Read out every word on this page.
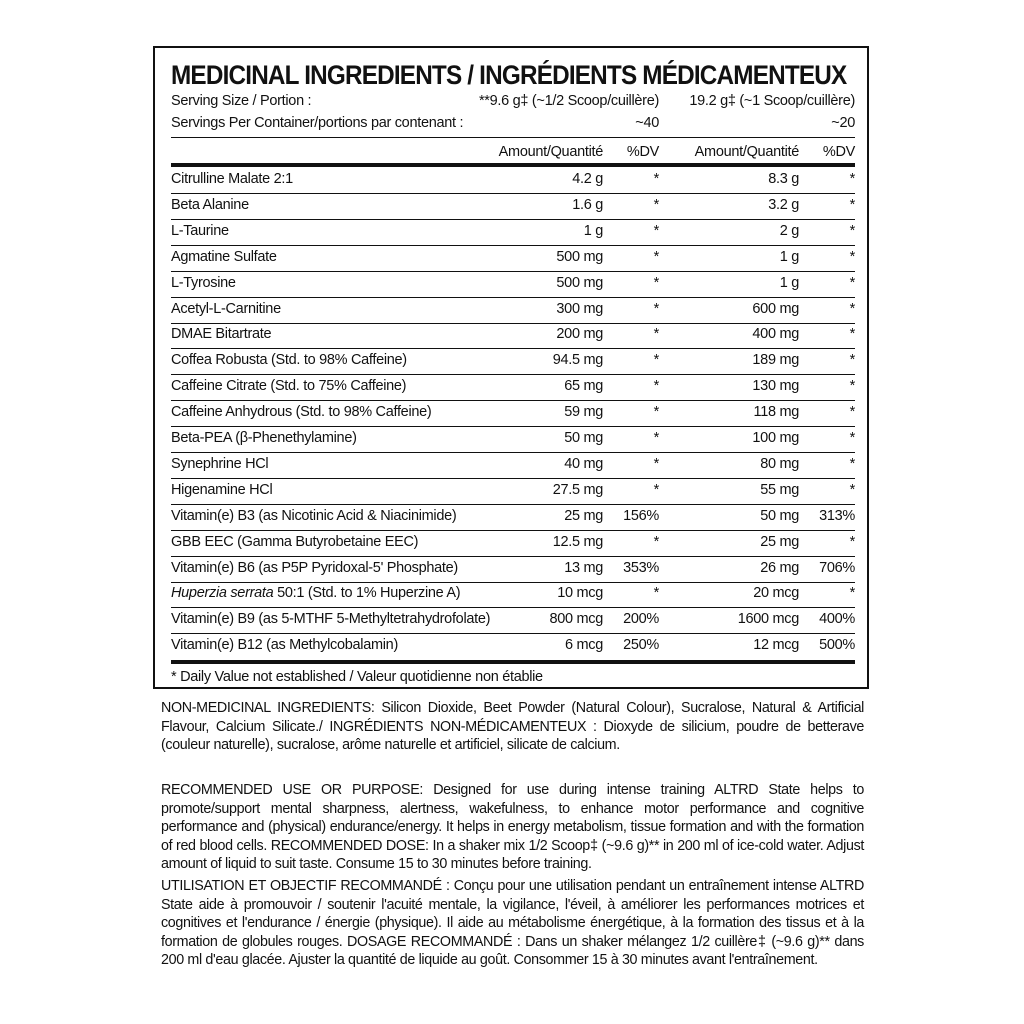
MEDICINAL INGREDIENTS / INGRÉDIENTS MÉDICAMENTEUX
Serving Size / Portion :	**9.6 g‡ (~1/2 Scoop/cuillère) 19.2 g‡ (~1 Scoop/cuillère)
Servings Per Container/portions par contenant :	~40	~20
Amount/Quantité %DV Amount/Quantité %DV
Citrulline Malate 2:1	4.2 g	*	8.3 g	*
Beta Alanine	1.6 g	*	3.2 g	*
L-Taurine	1 g	*	2 g	*
Agmatine Sulfate	500 mg	*	1 g	*
L-Tyrosine	500 mg	*	1 g	*
Acetyl-L-Carnitine	300 mg	*	600 mg	*
DMAE Bitartrate	200 mg	*	400 mg	*
Coffea Robusta (Std. to 98% Caffeine)	94.5 mg	*	189 mg	*
Caffeine Citrate (Std. to 75% Caffeine)	65 mg	*	130 mg	*
Caffeine Anhydrous (Std. to 98% Caffeine)	59 mg	*	118 mg	*
Beta-PEA (β-Phenethylamine)	50 mg	*	100 mg	*
Synephrine HCl	40 mg	*	80 mg	*
Higenamine HCl	27.5 mg	*	55 mg	*
Vitamin(e) B3 (as Nicotinic Acid & Niacinimide)	25 mg 156%	50 mg 313%
GBB EEC (Gamma Butyrobetaine EEC)	12.5 mg	*	25 mg	*
Vitamin(e) B6 (as P5P Pyridoxal-5' Phosphate)	13 mg 353%	26 mg 706%
Huperzia serrata 50:1 (Std. to 1% Huperzine A)	10 mcg	*	20 mcg	*
Vitamin(e) B9 (as 5-MTHF 5-Methyltetrahydrofolate)	800 mcg 200%	1600 mcg 400%
Vitamin(e) B12 (as Methylcobalamin)	6 mcg 250%	12 mcg 500%
* Daily Value not established / Valeur quotidienne non établie
NON-MEDICINAL INGREDIENTS: Silicon Dioxide, Beet Powder (Natural Colour), Sucralose, Natural & Artificial Flavour, Calcium Silicate./ INGRÉDIENTS NON-MÉDICAMENTEUX : Dioxyde de silicium, poudre de betterave (couleur naturelle), sucralose, arôme naturelle et artificiel, silicate de calcium.
RECOMMENDED USE OR PURPOSE: Designed for use during intense training ALTRD State helps to promote/support mental sharpness, alertness, wakefulness, to enhance motor performance and cognitive performance and (physical) endurance/energy. It helps in energy metabolism, tissue formation and with the formation of red blood cells. RECOMMENDED DOSE: In a shaker mix 1/2 Scoop‡ (~9.6 g)** in 200 ml of ice-cold water. Adjust amount of liquid to suit taste. Consume 15 to 30 minutes before training.
UTILISATION ET OBJECTIF RECOMMANDÉ : Conçu pour une utilisation pendant un entraînement intense ALTRD State aide à promouvoir / soutenir l'acuité mentale, la vigilance, l'éveil, à améliorer les performances motrices et cognitives et l'endurance / énergie (physique). Il aide au métabolisme énergétique, à la formation des tissus et à la formation de globules rouges. DOSAGE RECOMMANDÉ : Dans un shaker mélangez 1/2 cuillère‡ (~9.6 g)** dans 200 ml d'eau glacée. Ajuster la quantité de liquide au goût. Consommer 15 à 30 minutes avant l'entraînement.
